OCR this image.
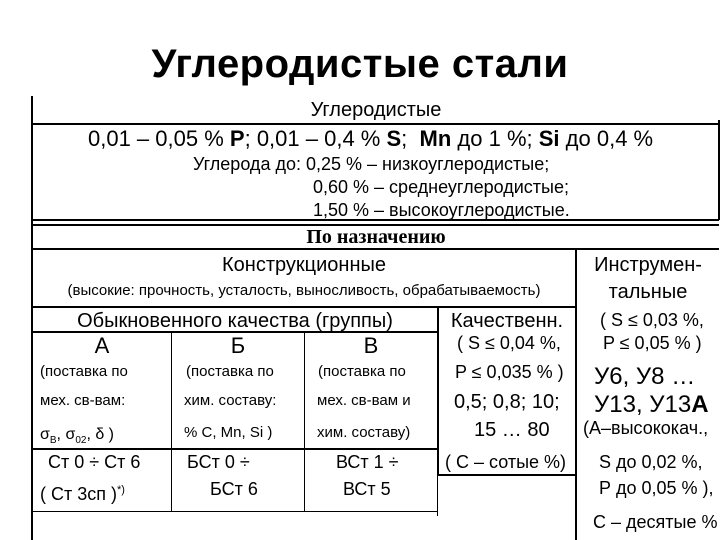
Углеродистые стали
Углеродистые
0,01 – 0,05 % P; 0,01 – 0,4 % S;  Mn до 1 %; Si до 0,4 %
Углерода до: 0,25 % – низкоуглеродистые;
0,60 % – среднеуглеродистые;
1,50 % – высокоуглеродистые.
По назначению
Конструкционные
(высокие: прочность, усталость, выносливость, обрабатываемость)
Инструмен-
тальные
( S ≤ 0,03 %,
P ≤ 0,05 % )
У6, У8 …
У13, У13А
(А–высококач.,
S до 0,02 %,
Р до 0,05 % ),
С – десятые %
Обыкновенного качества (группы)	Качественн.
( S ≤ 0,04 %,
P ≤ 0,035 % )
0,5; 0,8; 10;
15 … 80
( С – сотые %)
А
(поставка по
мех. св-вам:
$\sigma_В$, $\sigma_{02}$, δ )
Ст 0 ÷ Ст 6
( Ст 3сп )*)
Б
(поставка по
хим. составу:
% С, Mn, Si )
БСт 0 ÷
БСт 6
В
(поставка по
мех. св-вам и
хим. составу)
ВСт 1 ÷
ВСт 5
